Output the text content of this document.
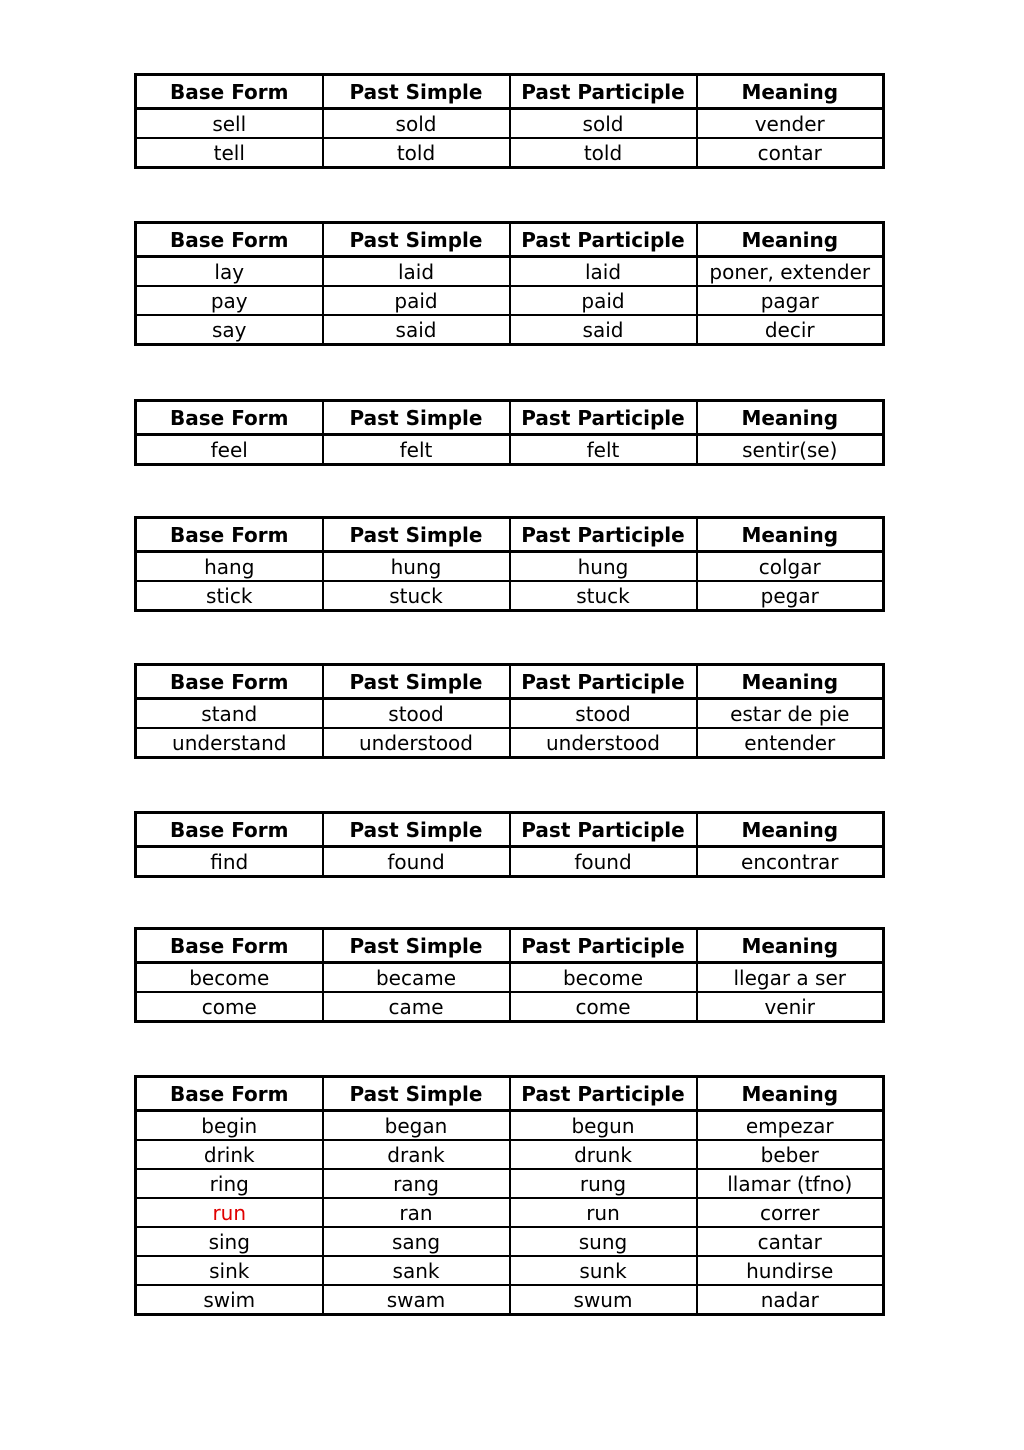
Base Form	Past Simple	Past Participle	Meaning
sell	sold	sold	vender
tell	told	told	contar
Base Form	Past Simple	Past Participle	Meaning
lay	laid	laid	poner, extender
pay	paid	paid	pagar
say	said	said	decir
Base Form	Past Simple	Past Participle	Meaning
feel	felt	felt	sentir(se)
Base Form	Past Simple	Past Participle	Meaning
hang	hung	hung	colgar
stick	stuck	stuck	pegar
Base Form	Past Simple	Past Participle	Meaning
stand	stood	stood	estar de pie
understand	understood	understood	entender
Base Form	Past Simple	Past Participle	Meaning
find	found	found	encontrar
Base Form	Past Simple	Past Participle	Meaning
become	became	become	llegar a ser
come	came	come	venir
Base Form	Past Simple	Past Participle	Meaning
begin	began	begun	empezar
drink	drank	drunk	beber
ring	rang	rung	llamar (tfno)
run	ran	run	correr
sing	sang	sung	cantar
sink	sank	sunk	hundirse
swim	swam	swum	nadar
